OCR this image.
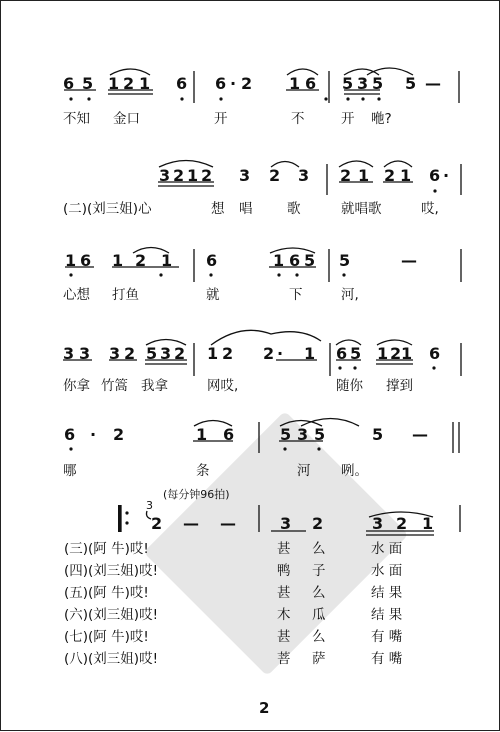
6 5 1 2 1 6 6 · 2 1 6 5 3 5 5 —
不知 金口	开	不	开 咃?
3 2 1 2 3 2 3 2 1 2 1 6 ·
(二)(刘三姐)心	想 唱	歌	就唱歌	哎,
1 6 1 2 1 6	1 6 5 5	—
心想 打鱼	就	下	河,
3 3 3 2 5 3 2 1 2 2 · 1 6 5 1 2 1 6
你拿 竹篙 我拿	网哎,	随你 撑到
6 · 2	1 6	5 3 5	5 —
哪	条	河 咧。
(每分钟96拍)
3
2 — —	3 2	3 2 1
(三)(阿 牛)哎!	甚 么	水 面
(四)(刘三姐)哎!	鸭 子	水 面
(五)(阿 牛)哎!	甚 么	结 果
(六)(刘三姐)哎!	木 瓜	结 果
(七)(阿 牛)哎!	甚 么	有 嘴
(八)(刘三姐)哎!	菩 萨	有 嘴
2
